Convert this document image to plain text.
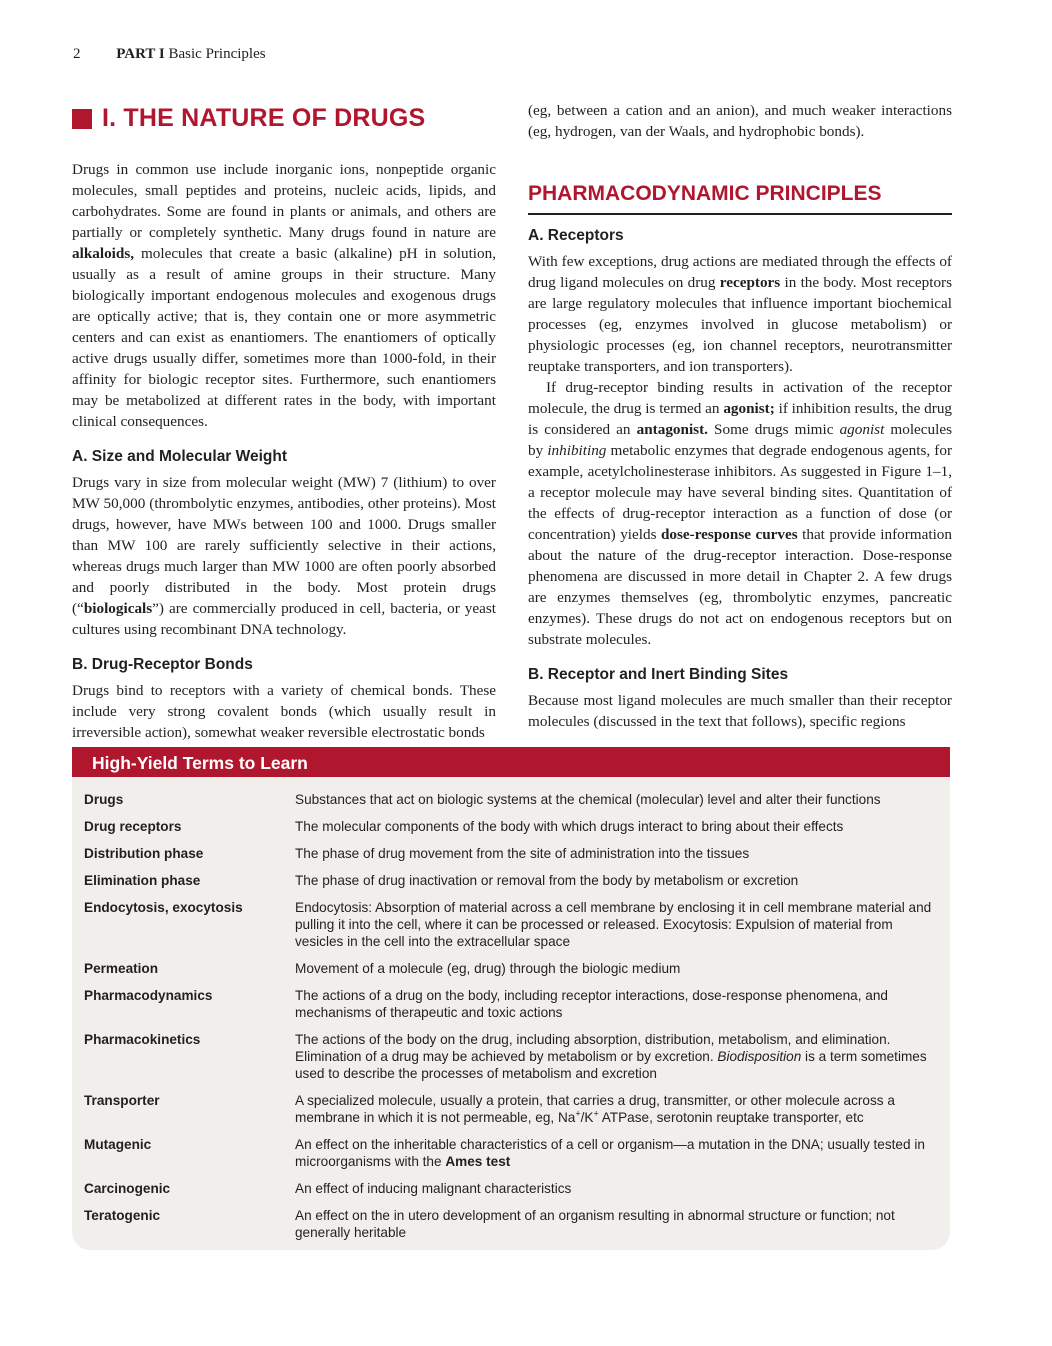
2 PART I Basic Principles
I. THE NATURE OF DRUGS

Drugs in common use include inorganic ions, nonpeptide organic molecules, small peptides and proteins, nucleic acids, lipids, and carbohydrates. Some are found in plants or animals, and others are partially or completely synthetic. Many drugs found in nature are alkaloids, molecules that create a basic (alkaline) pH in solution, usually as a result of amine groups in their structure. Many biologically important endogenous molecules and exogenous drugs are optically active; that is, they contain one or more asymmetric centers and can exist as enantiomers. The enantiomers of optically active drugs usually differ, sometimes more than 1000-fold, in their affinity for biologic receptor sites. Furthermore, such enantiomers may be metabolized at different rates in the body, with important clinical consequences.

A. Size and Molecular Weight

Drugs vary in size from molecular weight (MW) 7 (lithium) to over MW 50,000 (thrombolytic enzymes, antibodies, other proteins). Most drugs, however, have MWs between 100 and 1000. Drugs smaller than MW 100 are rarely sufficiently selective in their actions, whereas drugs much larger than MW 1000 are often poorly absorbed and poorly distributed in the body. Most protein drugs (“biologicals”) are commercially produced in cell, bacteria, or yeast cultures using recombinant DNA technology.

B. Drug-Receptor Bonds

Drugs bind to receptors with a variety of chemical bonds. These include very strong covalent bonds (which usually result in irreversible action), somewhat weaker reversible electrostatic bonds

(eg, between a cation and an anion), and much weaker interactions (eg, hydrogen, van der Waals, and hydrophobic bonds).

PHARMACODYNAMIC PRINCIPLES
A. Receptors

With few exceptions, drug actions are mediated through the effects of drug ligand molecules on drug receptors in the body. Most receptors are large regulatory molecules that influence important biochemical processes (eg, enzymes involved in glucose metabolism) or physiologic processes (eg, ion channel receptors, neurotransmitter reuptake transporters, and ion transporters).

If drug-receptor binding results in activation of the receptor molecule, the drug is termed an agonist; if inhibition results, the drug is considered an antagonist. Some drugs mimic agonist molecules by inhibiting metabolic enzymes that degrade endogenous agents, for example, acetylcholinesterase inhibitors. As suggested in Figure 1–1, a receptor molecule may have several binding sites. Quantitation of the effects of drug-receptor interaction as a function of dose (or concentration) yields dose-response curves that provide information about the nature of the drug-receptor interaction. Dose-response phenomena are discussed in more detail in Chapter 2. A few drugs are enzymes themselves (eg, thrombolytic enzymes, pancreatic enzymes). These drugs do not act on endogenous receptors but on substrate molecules.

B. Receptor and Inert Binding Sites

Because most ligand molecules are much smaller than their receptor molecules (discussed in the text that follows), specific regions

High-Yield Terms to Learn
Drugs	Substances that act on biologic systems at the chemical (molecular) level and alter their functions
Drug receptors	The molecular components of the body with which drugs interact to bring about their effects
Distribution phase	The phase of drug movement from the site of administration into the tissues
Elimination phase	The phase of drug inactivation or removal from the body by metabolism or excretion
Endocytosis, exocytosis	Endocytosis: Absorption of material across a cell membrane by enclosing it in cell membrane material and pulling it into the cell, where it can be processed or released. Exocytosis: Expulsion of material from vesicles in the cell into the extracellular space
Permeation	Movement of a molecule (eg, drug) through the biologic medium
Pharmacodynamics	The actions of a drug on the body, including receptor interactions, dose-response phenomena, and mechanisms of therapeutic and toxic actions
Pharmacokinetics	The actions of the body on the drug, including absorption, distribution, metabolism, and elimination. Elimination of a drug may be achieved by metabolism or by excretion. Biodisposition is a term sometimes used to describe the processes of metabolism and excretion
Transporter	A specialized molecule, usually a protein, that carries a drug, transmitter, or other molecule across a membrane in which it is not permeable, eg, Na+/K+ ATPase, serotonin reuptake transporter, etc
Mutagenic	An effect on the inheritable characteristics of a cell or organism—a mutation in the DNA; usually tested in microorganisms with the Ames test
Carcinogenic	An effect of inducing malignant characteristics
Teratogenic	An effect on the in utero development of an organism resulting in abnormal structure or function; not generally heritable
